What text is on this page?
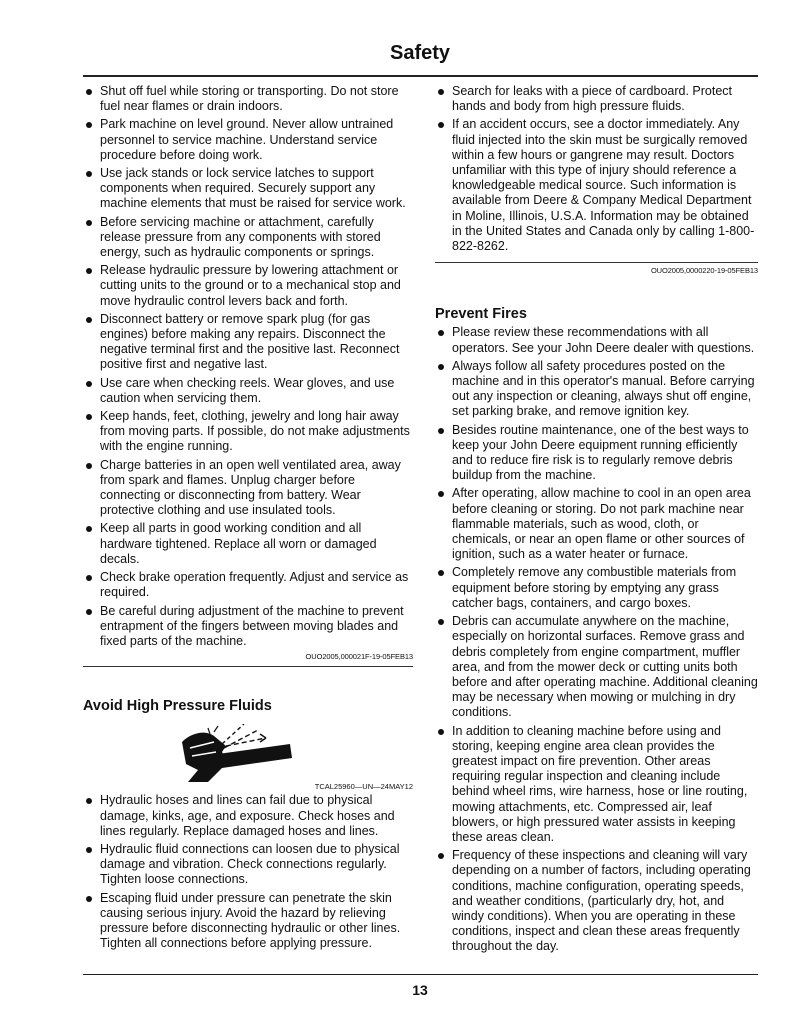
Safety
Shut off fuel while storing or transporting. Do not store fuel near flames or drain indoors.
Park machine on level ground. Never allow untrained personnel to service machine. Understand service procedure before doing work.
Use jack stands or lock service latches to support components when required. Securely support any machine elements that must be raised for service work.
Before servicing machine or attachment, carefully release pressure from any components with stored energy, such as hydraulic components or springs.
Release hydraulic pressure by lowering attachment or cutting units to the ground or to a mechanical stop and move hydraulic control levers back and forth.
Disconnect battery or remove spark plug (for gas engines) before making any repairs. Disconnect the negative terminal first and the positive last. Reconnect positive first and negative last.
Use care when checking reels. Wear gloves, and use caution when servicing them.
Keep hands, feet, clothing, jewelry and long hair away from moving parts. If possible, do not make adjustments with the engine running.
Charge batteries in an open well ventilated area, away from spark and flames. Unplug charger before connecting or disconnecting from battery. Wear protective clothing and use insulated tools.
Keep all parts in good working condition and all hardware tightened. Replace all worn or damaged decals.
Check brake operation frequently. Adjust and service as required.
Be careful during adjustment of the machine to prevent entrapment of the fingers between moving blades and fixed parts of the machine.
OUO2005,000021F-19-05FEB13
Avoid High Pressure Fluids
TCAL25960—UN—24MAY12
Hydraulic hoses and lines can fail due to physical damage, kinks, age, and exposure. Check hoses and lines regularly. Replace damaged hoses and lines.
Hydraulic fluid connections can loosen due to physical damage and vibration. Check connections regularly. Tighten loose connections.
Escaping fluid under pressure can penetrate the skin causing serious injury. Avoid the hazard by relieving pressure before disconnecting hydraulic or other lines. Tighten all connections before applying pressure.
Search for leaks with a piece of cardboard. Protect hands and body from high pressure fluids.
If an accident occurs, see a doctor immediately. Any fluid injected into the skin must be surgically removed within a few hours or gangrene may result. Doctors unfamiliar with this type of injury should reference a knowledgeable medical source. Such information is available from Deere & Company Medical Department in Moline, Illinois, U.S.A. Information may be obtained in the United States and Canada only by calling 1-800-822-8262.
OUO2005,0000220-19-05FEB13
Prevent Fires
Please review these recommendations with all operators. See your John Deere dealer with questions.
Always follow all safety procedures posted on the machine and in this operator's manual. Before carrying out any inspection or cleaning, always shut off engine, set parking brake, and remove ignition key.
Besides routine maintenance, one of the best ways to keep your John Deere equipment running efficiently and to reduce fire risk is to regularly remove debris buildup from the machine.
After operating, allow machine to cool in an open area before cleaning or storing. Do not park machine near flammable materials, such as wood, cloth, or chemicals, or near an open flame or other sources of ignition, such as a water heater or furnace.
Completely remove any combustible materials from equipment before storing by emptying any grass catcher bags, containers, and cargo boxes.
Debris can accumulate anywhere on the machine, especially on horizontal surfaces. Remove grass and debris completely from engine compartment, muffler area, and from the mower deck or cutting units both before and after operating machine. Additional cleaning may be necessary when mowing or mulching in dry conditions.
In addition to cleaning machine before using and storing, keeping engine area clean provides the greatest impact on fire prevention. Other areas requiring regular inspection and cleaning include behind wheel rims, wire harness, hose or line routing, mowing attachments, etc. Compressed air, leaf blowers, or high pressured water assists in keeping these areas clean.
Frequency of these inspections and cleaning will vary depending on a number of factors, including operating conditions, machine configuration, operating speeds, and weather conditions, (particularly dry, hot, and windy conditions). When you are operating in these conditions, inspect and clean these areas frequently throughout the day.
13
